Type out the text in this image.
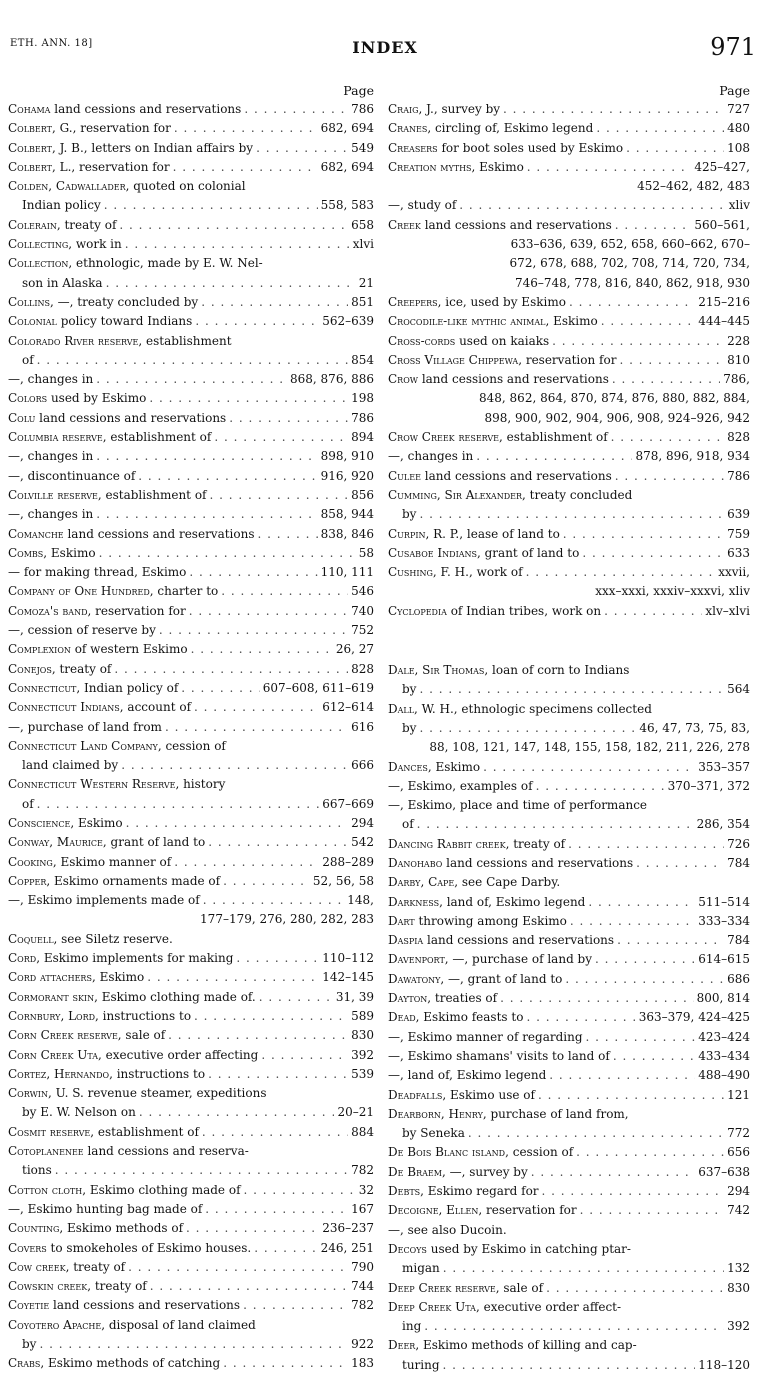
ETH. ANN. 18]	INDEX	971
Page
Cohama land cessions and reservations . . .	786
Colbert, G., reservation for . . .	682, 694
Colbert, J. B., letters on Indian affairs by . . .	549
Colbert, L., reservation for . . .	682, 694
Colden, Cadwallader, quoted on colonial
Indian policy . . .	558, 583
Colerain, treaty of . . .	658
Collecting, work in . . .	xlvi
Collection, ethnologic, made by E. W. Nel-
son in Alaska . . .	21
Collins, —, treaty concluded by . . .	851
Colonial policy toward Indians . . .	562–639
Colorado River reserve, establishment
of . . .	854
—, changes in . . .	868, 876, 886
Colors used by Eskimo . . .	198
Colu land cessions and reservations . . .	786
Columbia reserve, establishment of . . .	894
—, changes in . . .	898, 910
—, discontinuance of . . .	916, 920
Colville reserve, establishment of . . .	856
—, changes in . . .	858, 944
Comanche land cessions and reservations . . .	838, 846
Combs, Eskimo . . .	58
— for making thread, Eskimo . . .	110, 111
Company of One Hundred, charter to . . .	546
Comoza's band, reservation for . . .	740
—, cession of reserve by . . .	752
Complexion of western Eskimo . . .	26, 27
Conejos, treaty of . . .	828
Connecticut, Indian policy of . . .	607–608, 611–619
Connecticut Indians, account of . . .	612–614
—, purchase of land from . . .	616
Connecticut Land Company, cession of
land claimed by . . .	666
Connecticut Western Reserve, history
of . . .	667–669
Conscience, Eskimo . . .	294
Conway, Maurice, grant of land to . . .	542
Cooking, Eskimo manner of . . .	288–289
Copper, Eskimo ornaments made of . . .	52, 56, 58
—, Eskimo implements made of . . .	148,
177–179, 276, 280, 282, 283
Coquell, see Siletz reserve.
Cord, Eskimo implements for making . . .	110–112
Cord attachers, Eskimo . . .	142–145
Cormorant skin, Eskimo clothing made of. . . .	31, 39
Cornbury, Lord, instructions to . . .	589
Corn Creek reserve, sale of . . .	830
Corn Creek Uta, executive order affecting . . .	392
Cortez, Hernando, instructions to . . .	539
Corwin, U. S. revenue steamer, expeditions
by E. W. Nelson on . . .	20–21
Cosmit reserve, establishment of . . .	884
Cotoplanenee land cessions and reserva-
tions . . .	782
Cotton cloth, Eskimo clothing made of . . .	32
—, Eskimo hunting bag made of . . .	167
Counting, Eskimo methods of . . .	236–237
Covers to smokeholes of Eskimo houses. . . .	246, 251
Cow creek, treaty of . . .	790
Cowskin creek, treaty of . . .	744
Coyetie land cessions and reservations . . .	782
Coyotero Apache, disposal of land claimed
by . . .	922
Crabs, Eskimo methods of catching . . .	183
Page
Craig, J., survey by . . .	727
Cranes, circling of, Eskimo legend . . .	480
Creasers for boot soles used by Eskimo . . .	108
Creation myths, Eskimo . . .	425–427,
452–462, 482, 483
—, study of . . .	xliv
Creek land cessions and reservations . . .	560–561,
633–636, 639, 652, 658, 660–662, 670–
672, 678, 688, 702, 708, 714, 720, 734,
746–748, 778, 816, 840, 862, 918, 930
Creepers, ice, used by Eskimo . . .	215–216
Crocodile-like mythic animal, Eskimo . . .	444–445
Cross-cords used on kaiaks . . .	228
Cross Village Chippewa, reservation for . . .	810
Crow land cessions and reservations . . .	786,
848, 862, 864, 870, 874, 876, 880, 882, 884,
898, 900, 902, 904, 906, 908, 924–926, 942
Crow Creek reserve, establishment of . . .	828
—, changes in . . .	878, 896, 918, 934
Culee land cessions and reservations . . .	786
Cumming, Sir Alexander, treaty concluded
by . . .	639
Curpin, R. P., lease of land to . . .	759
Cusaboe Indians, grant of land to . . .	633
Cushing, F. H., work of . . .	xxvii,
xxx–xxxi, xxxiv–xxxvi, xliv
Cyclopedia of Indian tribes, work on . . .	xlv–xlvi
Dale, Sir Thomas, loan of corn to Indians
by . . .	564
Dall, W. H., ethnologic specimens collected
by . . .	46, 47, 73, 75, 83,
88, 108, 121, 147, 148, 155, 158, 182, 211, 226, 278
Dances, Eskimo . . .	353–357
—, Eskimo, examples of . . .	370–371, 372
—, Eskimo, place and time of performance
of . . .	286, 354
Dancing Rabbit creek, treaty of . . .	726
Danohabo land cessions and reservations . . .	784
Darby, Cape, see Cape Darby.
Darkness, land of, Eskimo legend . . .	511–514
Dart throwing among Eskimo . . .	333–334
Daspia land cessions and reservations . . .	784
Davenport, —, purchase of land by . . .	614–615
Dawatony, —, grant of land to . . .	686
Dayton, treaties of . . .	800, 814
Dead, Eskimo feasts to . . .	363–379, 424–425
—, Eskimo manner of regarding . . .	423–424
—, Eskimo shamans' visits to land of . . .	433–434
—, land of, Eskimo legend . . .	488–490
Deadfalls, Eskimo use of . . .	121
Dearborn, Henry, purchase of land from,
by Seneka . . .	772
De Bois Blanc island, cession of . . .	656
De Braem, —, survey by . . .	637–638
Debts, Eskimo regard for . . .	294
Decoigne, Ellen, reservation for . . .	742
—, see also Ducoin.
Decoys used by Eskimo in catching ptar-
migan . . .	132
Deep Creek reserve, sale of . . .	830
Deep Creek Uta, executive order affect-
ing . . .	392
Deer, Eskimo methods of killing and cap-
turing . . .	118–120
